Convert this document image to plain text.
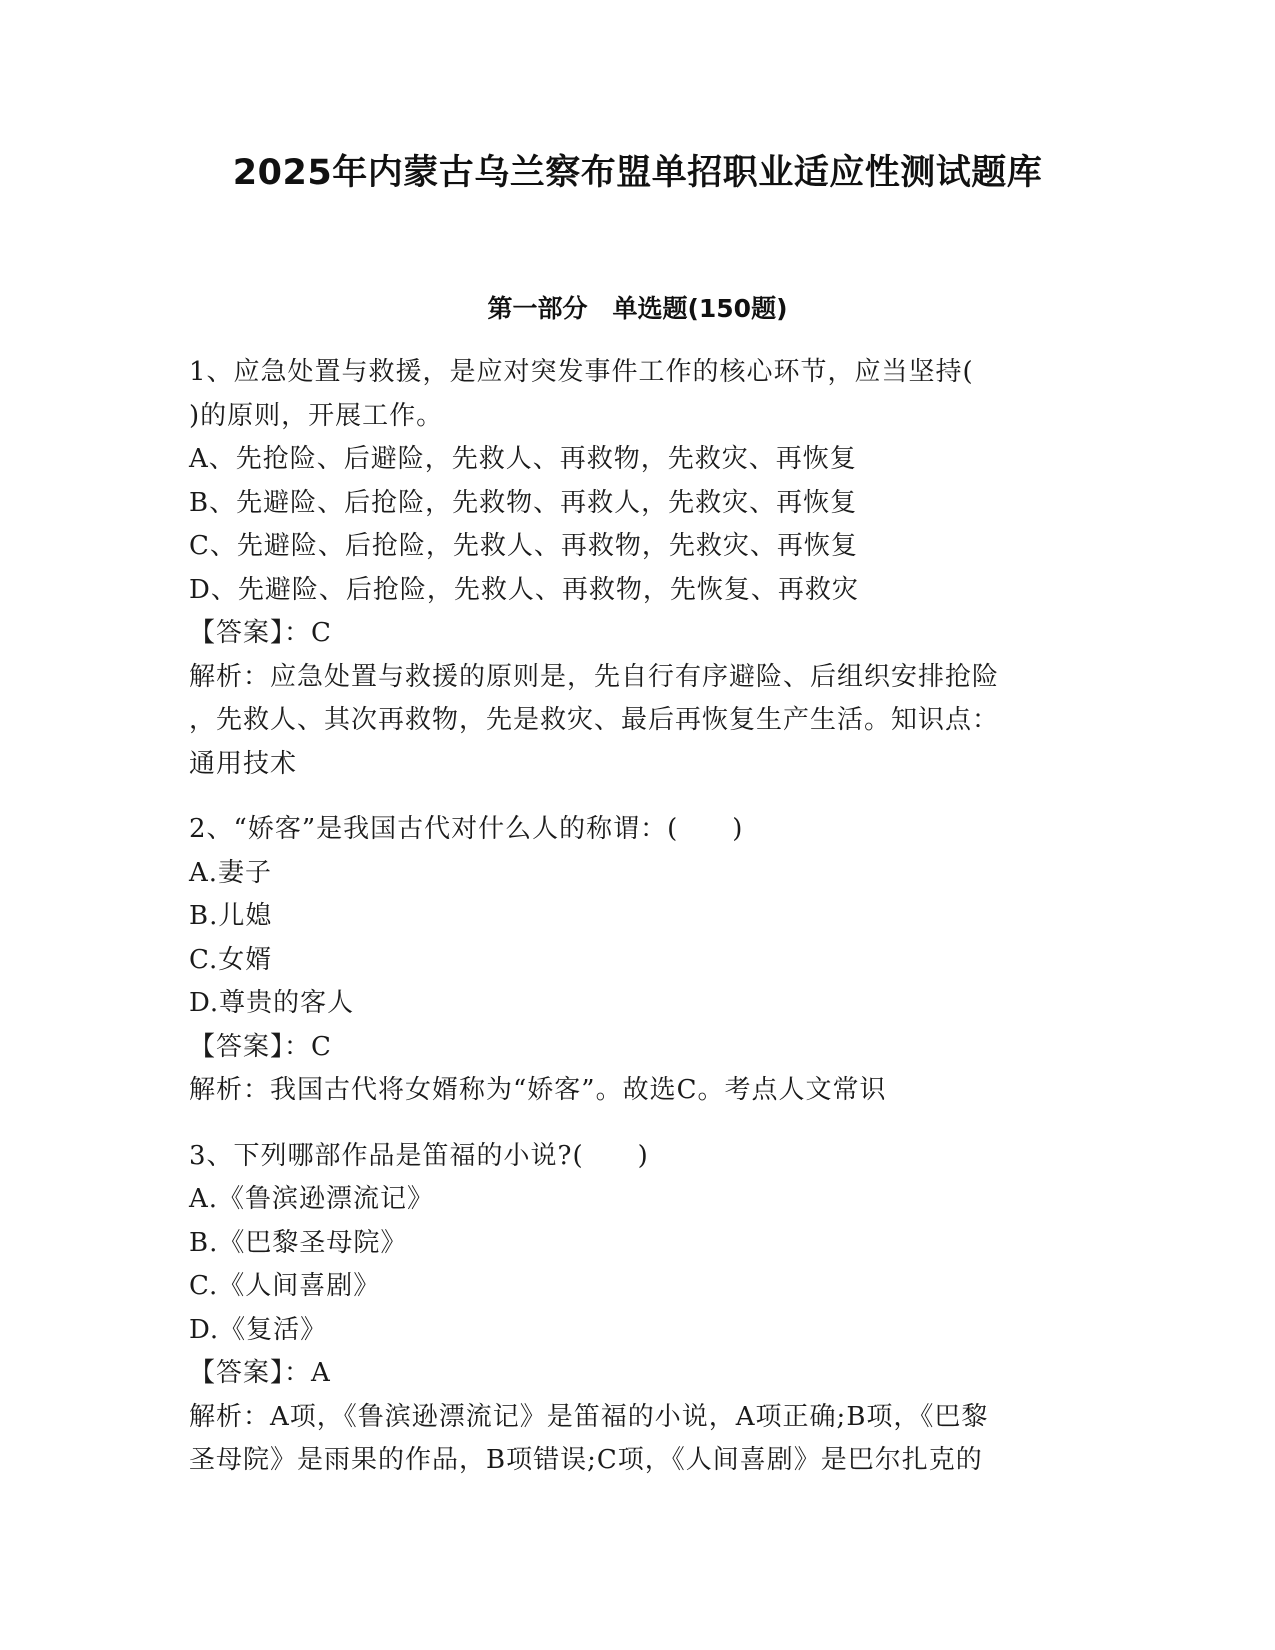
2025年内蒙古乌兰察布盟单招职业适应性测试题库
第一部分　单选题(150题)

1、应急处置与救援，是应对突发事件工作的核心环节，应当坚持(

)的原则，开展工作。

A、先抢险、后避险，先救人、再救物，先救灾、再恢复

B、先避险、后抢险，先救物、再救人，先救灾、再恢复

C、先避险、后抢险，先救人、再救物，先救灾、再恢复

D、先避险、后抢险，先救人、再救物，先恢复、再救灾

【答案】：C

解析：应急处置与救援的原则是，先自行有序避险、后组织安排抢险

，先救人、其次再救物，先是救灾、最后再恢复生产生活。知识点：

通用技术

2、“娇客”是我国古代对什么人的称谓：(　　)

A.妻子

B.儿媳

C.女婿

D.尊贵的客人

【答案】：C

解析：我国古代将女婿称为“娇客”。故选C。考点人文常识

3、下列哪部作品是笛福的小说?(　　)

A.《鲁滨逊漂流记》

B.《巴黎圣母院》

C.《人间喜剧》

D.《复活》

【答案】：A

解析：A项，《鲁滨逊漂流记》是笛福的小说，A项正确;B项，《巴黎

圣母院》是雨果的作品，B项错误;C项，《人间喜剧》是巴尔扎克的
